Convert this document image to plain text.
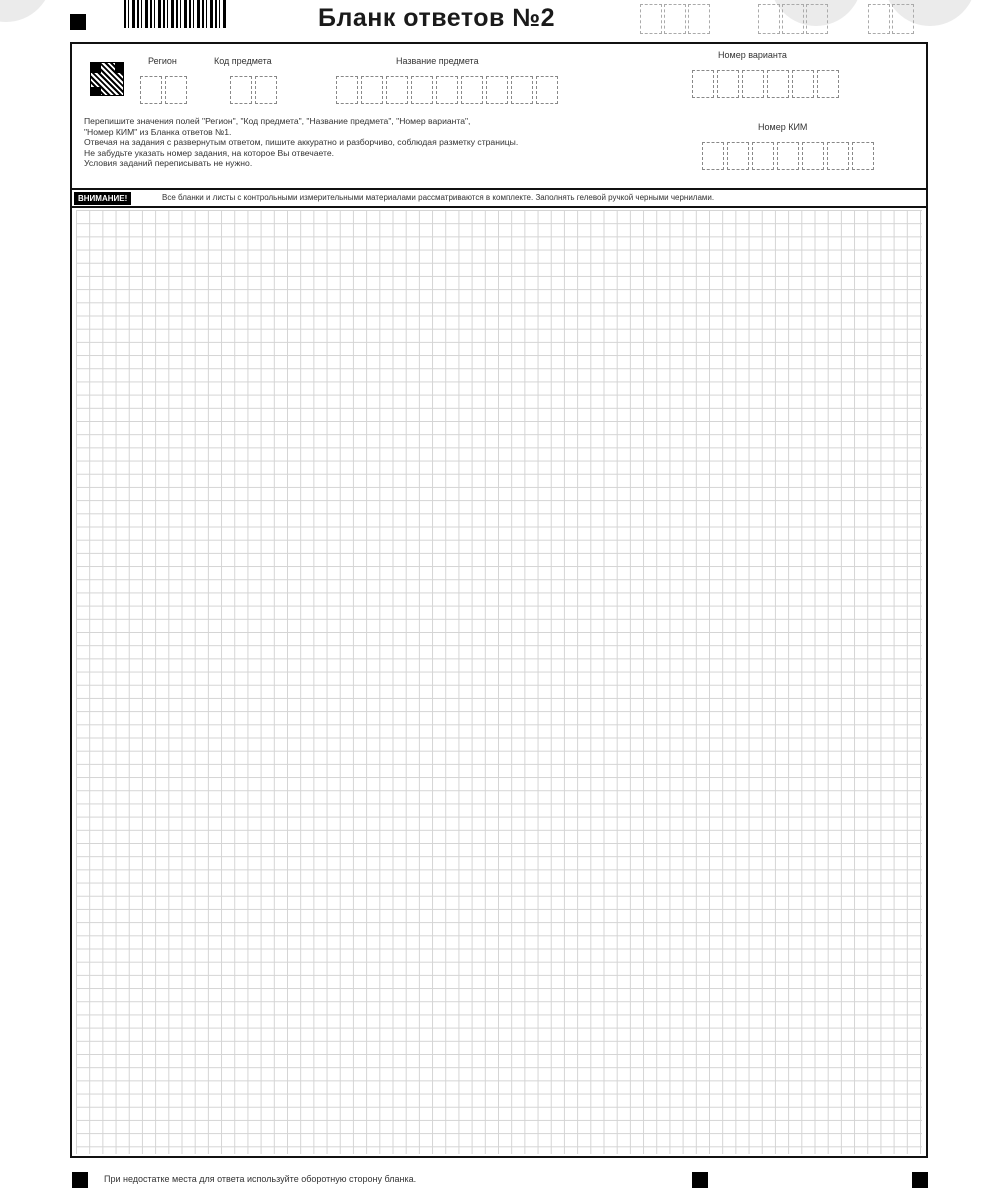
Бланк ответов №2
Регион	Код предмета	Название предмета
Номер варианта
Номер КИМ
Перепишите значения полей "Регион", "Код предмета", "Название предмета", "Номер варианта",
"Номер КИМ" из Бланка ответов №1.
Отвечая на задания с развернутым ответом, пишите аккуратно и разборчиво, соблюдая разметку страницы.
Не забудьте указать номер задания, на которое Вы отвечаете.
Условия заданий переписывать не нужно.
ВНИМАНИЕ!	Все бланки и листы с контрольными измерительными материалами рассматриваются в комплекте. Заполнять гелевой ручкой черными чернилами.
При недостатке места для ответа используйте оборотную сторону бланка.
